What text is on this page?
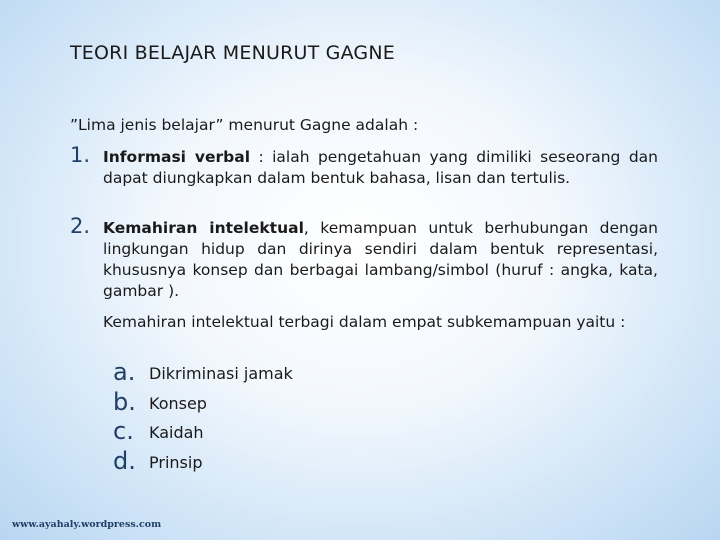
TEORI BELAJAR MENURUT GAGNE
”Lima jenis belajar” menurut Gagne adalah :
1. Informasi verbal : ialah pengetahuan yang dimiliki seseorang dan dapat diungkapkan dalam bentuk bahasa, lisan dan tertulis.
2. Kemahiran intelektual, kemampuan untuk berhubungan dengan lingkungan hidup dan dirinya sendiri dalam bentuk representasi, khususnya konsep dan berbagai lambang/simbol (huruf : angka, kata, gambar ).
Kemahiran intelektual terbagi dalam empat subkemampuan yaitu :
a. Dikriminasi jamak
b. Konsep
c. Kaidah
d. Prinsip
www.ayahaly.wordpress.com
